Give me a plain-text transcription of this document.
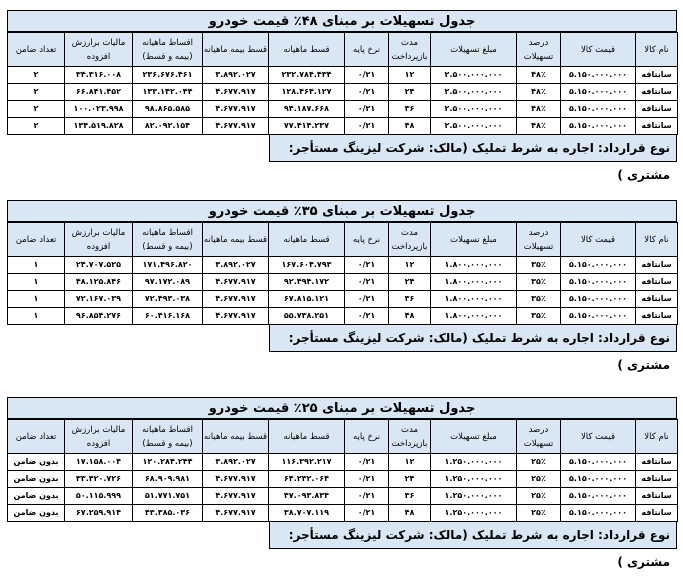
جدول تسهیلات بر مبنای ۴۸٪ قیمت خودرو
نام کالا	قیمت کالا	درصد تسهیلات	مبلغ تسهیلات	مدت بازپرداخت	نرخ پایه	قسط ماهیانه	قسط بیمه ماهیانه	اقساط ماهیانه (بیمه و قسط)	مالیات برارزش افزوده	تعداد ضامن
سانتافه	۵.۱۵۰.۰۰۰.۰۰۰	۴۸٪	۲.۵۰۰.۰۰۰.۰۰۰	۱۲	۰/۲۱	۲۳۲.۷۸۴.۴۳۴	۳.۸۹۲.۰۲۷	۲۳۶.۶۷۶.۴۶۱	۳۴.۳۱۶.۰۰۸	۲
سانتافه	۵.۱۵۰.۰۰۰.۰۰۰	۴۸٪	۲.۵۰۰.۰۰۰.۰۰۰	۲۴	۰/۲۱	۱۲۸.۴۶۴.۱۲۷	۴.۶۷۷.۹۱۷	۱۳۳.۱۴۲.۰۴۴	۶۶.۸۴۱.۴۵۲	۲
سانتافه	۵.۱۵۰.۰۰۰.۰۰۰	۴۸٪	۲.۵۰۰.۰۰۰.۰۰۰	۳۶	۰/۲۱	۹۴.۱۸۷.۶۶۸	۴.۶۷۷.۹۱۷	۹۸.۸۶۵.۵۸۵	۱۰۰.۰۲۳.۹۹۸	۲
سانتافه	۵.۱۵۰.۰۰۰.۰۰۰	۴۸٪	۲.۵۰۰.۰۰۰.۰۰۰	۴۸	۰/۲۱	۷۷.۴۱۴.۲۳۷	۴.۶۷۷.۹۱۷	۸۲.۰۹۲.۱۵۴	۱۳۴.۵۱۹.۸۲۸	۲
نوع قرارداد: اجاره به شرط تملیک (مالک: شرکت لیزینگ مستأجر: مشتری )
جدول تسهیلات بر مبنای ۳۵٪ قیمت خودرو
نام کالا	قیمت کالا	درصد تسهیلات	مبلغ تسهیلات	مدت بازپرداخت	نرخ پایه	قسط ماهیانه	قسط بیمه ماهیانه	اقساط ماهیانه (بیمه و قسط)	مالیات برارزش افزوده	تعداد ضامن
سانتافه	۵.۱۵۰.۰۰۰.۰۰۰	۳۵٪	۱.۸۰۰.۰۰۰.۰۰۰	۱۲	۰/۲۱	۱۶۷.۶۰۴.۷۹۳	۳.۸۹۲.۰۲۷	۱۷۱.۴۹۶.۸۲۰	۲۴.۷۰۷.۵۲۵	۱
سانتافه	۵.۱۵۰.۰۰۰.۰۰۰	۳۵٪	۱.۸۰۰.۰۰۰.۰۰۰	۲۴	۰/۲۱	۹۲.۴۹۴.۱۷۲	۴.۶۷۷.۹۱۷	۹۷.۱۷۲.۰۸۹	۴۸.۱۲۵.۸۴۶	۱
سانتافه	۵.۱۵۰.۰۰۰.۰۰۰	۳۵٪	۱.۸۰۰.۰۰۰.۰۰۰	۳۶	۰/۲۱	۶۷.۸۱۵.۱۲۱	۴.۶۷۷.۹۱۷	۷۲.۴۹۳.۰۳۸	۷۲.۱۶۷.۰۳۹	۱
سانتافه	۵.۱۵۰.۰۰۰.۰۰۰	۳۵٪	۱.۸۰۰.۰۰۰.۰۰۰	۴۸	۰/۲۱	۵۵.۷۳۸.۲۵۱	۴.۶۷۷.۹۱۷	۶۰.۴۱۶.۱۶۸	۹۶.۸۵۴.۲۷۶	۱
نوع قرارداد: اجاره به شرط تملیک (مالک: شرکت لیزینگ مستأجر: مشتری )
جدول تسهیلات بر مبنای ۲۵٪ قیمت خودرو
نام کالا	قیمت کالا	درصد تسهیلات	مبلغ تسهیلات	مدت بازپرداخت	نرخ پایه	قسط ماهیانه	قسط بیمه ماهیانه	اقساط ماهیانه (بیمه و قسط)	مالیات برارزش افزوده	تعداد ضامن
سانتافه	۵.۱۵۰.۰۰۰.۰۰۰	۲۵٪	۱.۲۵۰.۰۰۰.۰۰۰	۱۲	۰/۲۱	۱۱۶.۳۹۲.۲۱۷	۳.۸۹۲.۰۲۷	۱۲۰.۲۸۴.۲۴۴	۱۷.۱۵۸.۰۰۴	بدون ضامن
سانتافه	۵.۱۵۰.۰۰۰.۰۰۰	۲۵٪	۱.۲۵۰.۰۰۰.۰۰۰	۲۴	۰/۲۱	۶۴.۲۳۲.۰۶۴	۴.۶۷۷.۹۱۷	۶۸.۹۰۹.۹۸۱	۳۳.۴۲۰.۷۲۶	بدون ضامن
سانتافه	۵.۱۵۰.۰۰۰.۰۰۰	۲۵٪	۱.۲۵۰.۰۰۰.۰۰۰	۳۶	۰/۲۱	۴۷.۰۹۳.۸۳۴	۴.۶۷۷.۹۱۷	۵۱.۷۷۱.۷۵۱	۵۰.۱۱۵.۹۹۹	بدون ضامن
سانتافه	۵.۱۵۰.۰۰۰.۰۰۰	۲۵٪	۱.۲۵۰.۰۰۰.۰۰۰	۴۸	۰/۲۱	۳۸.۷۰۷.۱۱۹	۴.۶۷۷.۹۱۷	۴۳.۳۸۵.۰۳۶	۶۷.۲۵۹.۹۱۴	بدون ضامن
نوع قرارداد: اجاره به شرط تملیک (مالک: شرکت لیزینگ مستأجر: مشتری )
